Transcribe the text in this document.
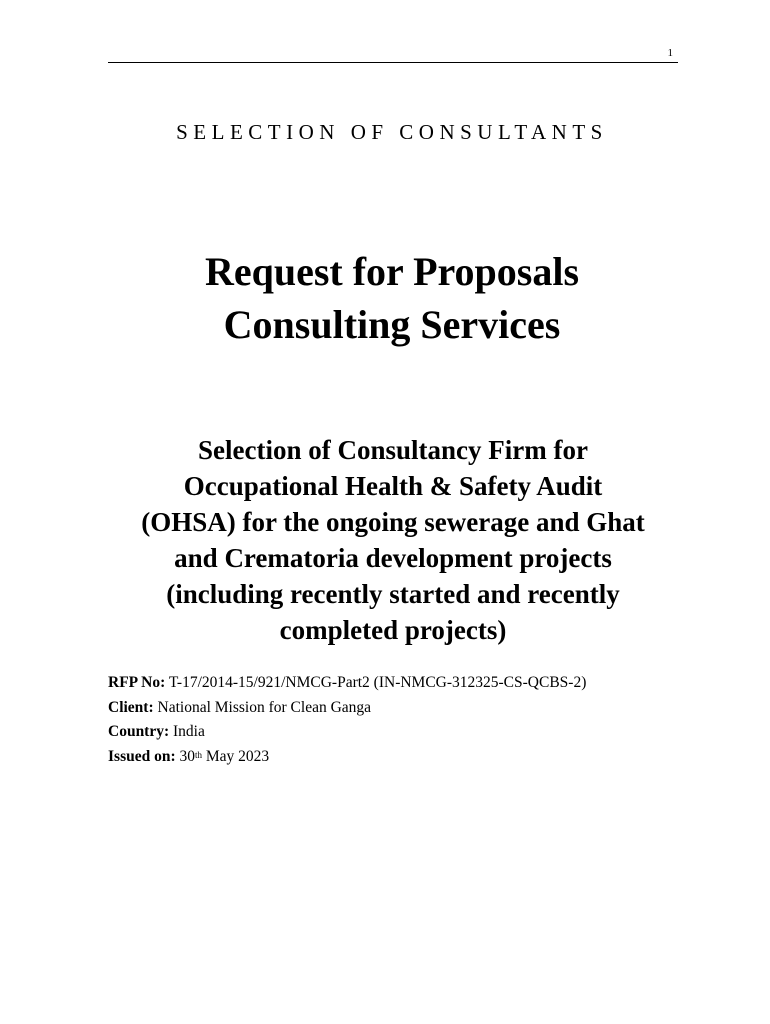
1
SELECTION OF CONSULTANTS
Request for Proposals
Consulting Services
Selection of Consultancy Firm for
Occupational Health & Safety Audit
(OHSA) for the ongoing sewerage and Ghat
and Crematoria development projects
(including recently started and recently
completed projects)
RFP No: T-17/2014-15/921/NMCG-Part2 (IN-NMCG-312325-CS-QCBS-2)
Client: National Mission for Clean Ganga
Country: India
Issued on: 30th May 2023
